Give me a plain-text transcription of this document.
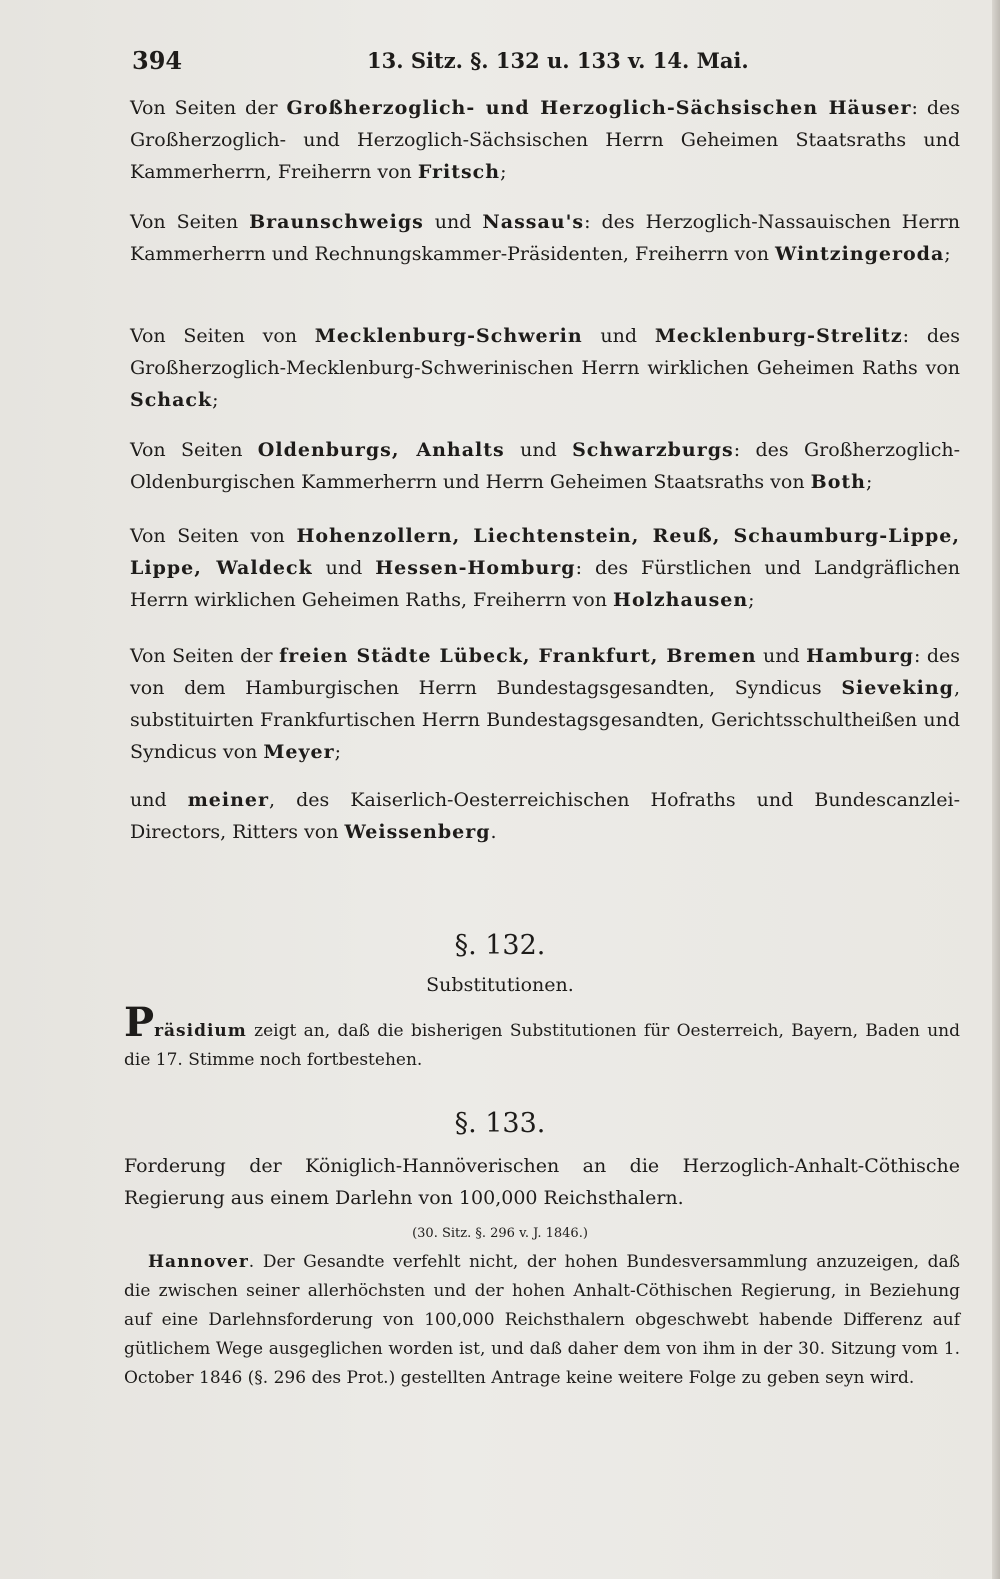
394	13. Sitz. §. 132 u. 133 v. 14. Mai.

Von Seiten der Großherzoglich- und Herzoglich-Sächsischen Häuser: des Großherzoglich- und Herzoglich-Sächsischen Herrn Geheimen Staatsraths und Kammerherrn, Freiherrn von Fritsch;

Von Seiten Braunschweigs und Nassau's: des Herzoglich-Nassauischen Herrn Kammerherrn und Rechnungskammer-Präsidenten, Freiherrn von Wintzingeroda;

Von Seiten von Mecklenburg-Schwerin und Mecklenburg-Strelitz: des Großherzoglich-Mecklenburg-Schwerinischen Herrn wirklichen Geheimen Raths von Schack;

Von Seiten Oldenburgs, Anhalts und Schwarzburgs: des Großherzoglich-Oldenburgischen Kammerherrn und Herrn Geheimen Staatsraths von Both;

Von Seiten von Hohenzollern, Liechtenstein, Reuß, Schaumburg-Lippe, Lippe, Waldeck und Hessen-Homburg: des Fürstlichen und Landgräflichen Herrn wirklichen Geheimen Raths, Freiherrn von Holzhausen;

Von Seiten der freien Städte Lübeck, Frankfurt, Bremen und Hamburg: des von dem Hamburgischen Herrn Bundestagsgesandten, Syndicus Sieveking, substituirten Frankfurtischen Herrn Bundestagsgesandten, Gerichtsschultheißen und Syndicus von Meyer;

und meiner, des Kaiserlich-Oesterreichischen Hofraths und Bundescanzlei-Directors, Ritters von Weissenberg.

§. 132.
Substitutionen.

Präsidium zeigt an, daß die bisherigen Substitutionen für Oesterreich, Bayern, Baden und die 17. Stimme noch fortbestehen.

§. 133.

Forderung der Königlich-Hannöverischen an die Herzoglich-Anhalt-Cöthische Regierung aus einem Darlehn von 100,000 Reichsthalern.

(30. Sitz. §. 296 v. J. 1846.)

Hannover. Der Gesandte verfehlt nicht, der hohen Bundesversammlung anzuzeigen, daß die zwischen seiner allerhöchsten und der hohen Anhalt-Cöthischen Regierung, in Beziehung auf eine Darlehnsforderung von 100,000 Reichsthalern obgeschwebt habende Differenz auf gütlichem Wege ausgeglichen worden ist, und daß daher dem von ihm in der 30. Sitzung vom 1. October 1846 (§. 296 des Prot.) gestellten Antrage keine weitere Folge zu geben seyn wird.
